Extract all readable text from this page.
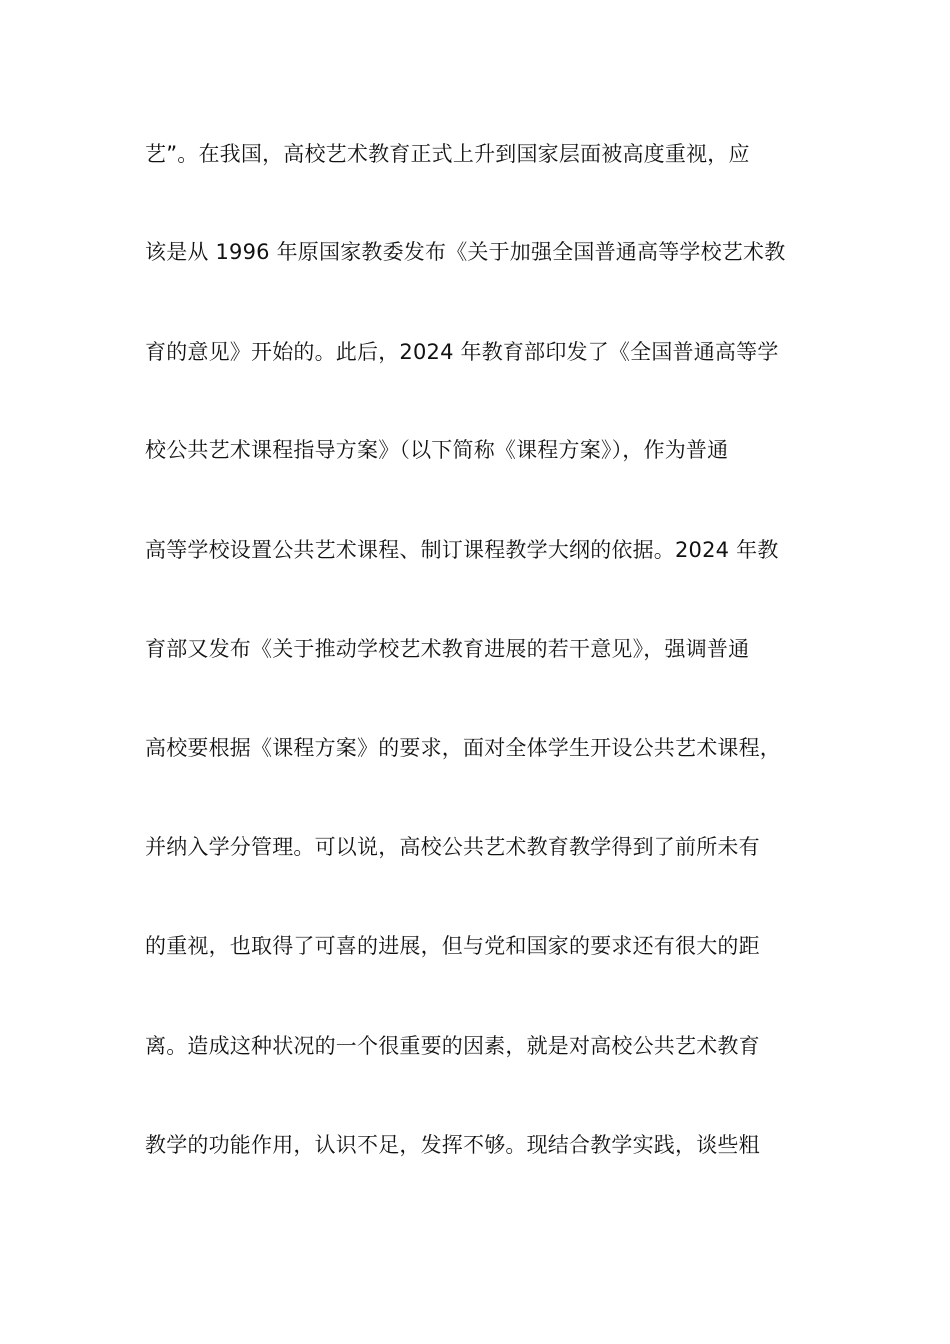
艺”。在我国，高校艺术教育正式上升到国家层面被高度重视，应
该是从 1996 年原国家教委发布《关于加强全国普通高等学校艺术教
育的意见》开始的。此后，2024 年教育部印发了《全国普通高等学
校公共艺术课程指导方案》（以下简称《课程方案》），作为普通
高等学校设置公共艺术课程、制订课程教学大纲的依据。2024 年教
育部又发布《关于推动学校艺术教育进展的若干意见》，强调普通
高校要根据《课程方案》的要求，面对全体学生开设公共艺术课程，
并纳入学分管理。可以说，高校公共艺术教育教学得到了前所未有
的重视，也取得了可喜的进展，但与党和国家的要求还有很大的距
离。造成这种状况的一个很重要的因素，就是对高校公共艺术教育
教学的功能作用，认识不足，发挥不够。现结合教学实践，谈些粗
